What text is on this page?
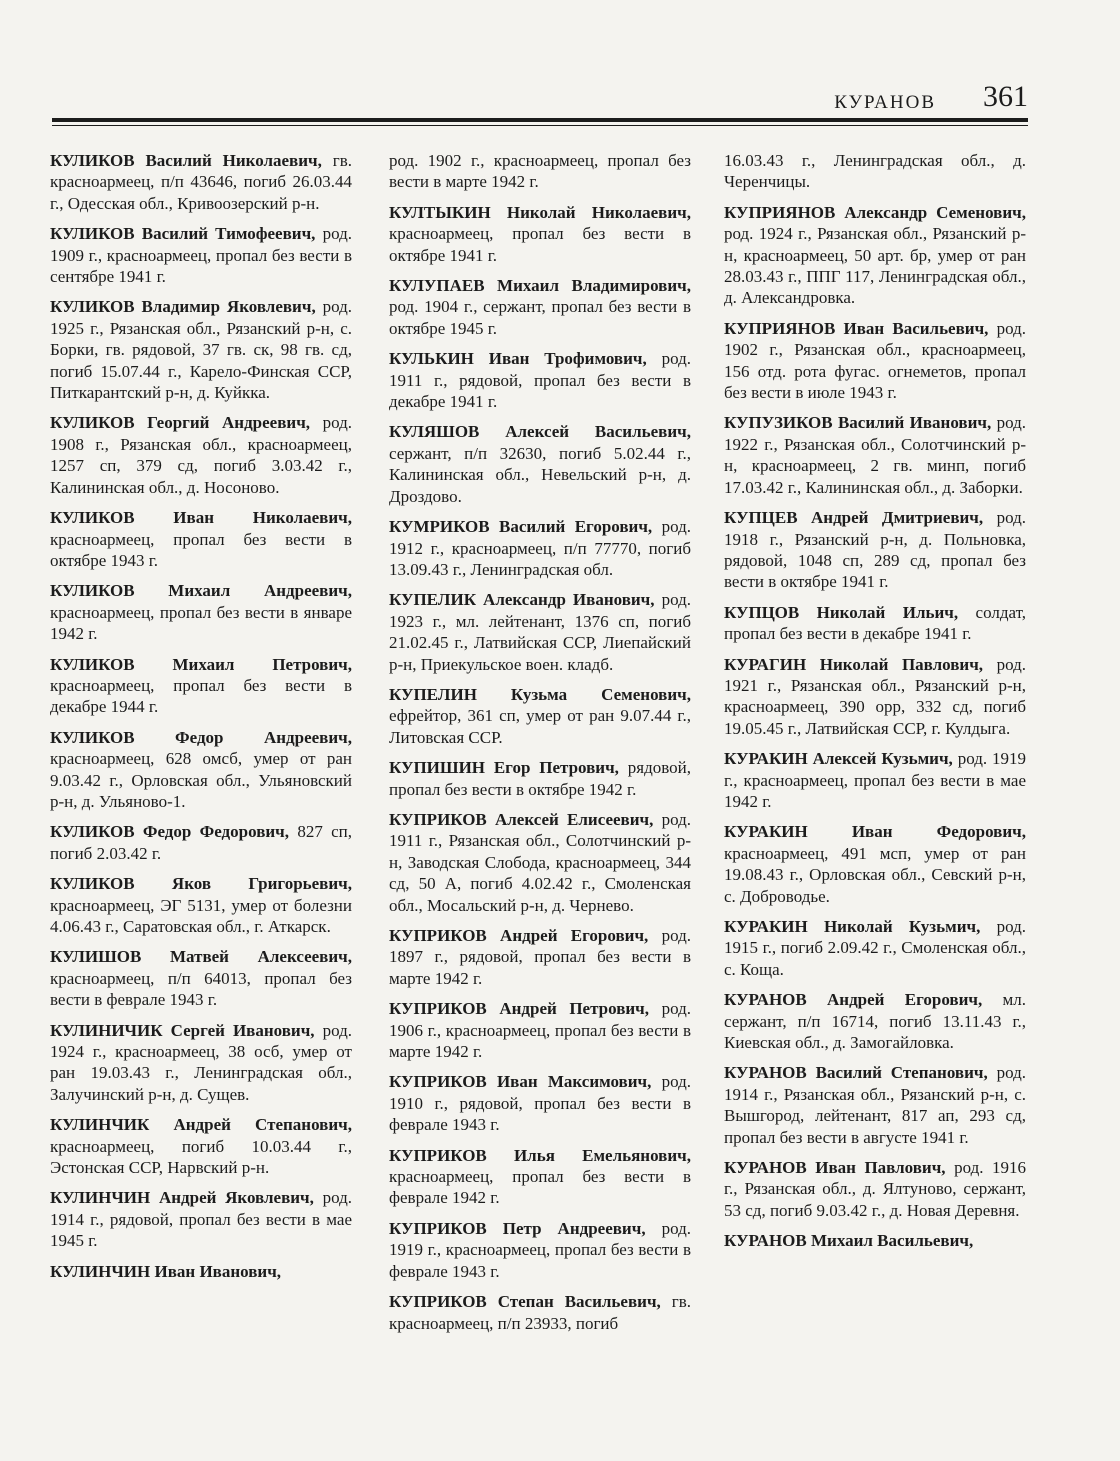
КУРАНОВ 361

КУЛИКОВ Василий Николаевич, гв. красноармеец, п/п 43646, погиб 26.03.44 г., Одесская обл., Кривоозерский р-н.

КУЛИКОВ Василий Тимофеевич, род. 1909 г., красноармеец, пропал без вести в сентябре 1941 г.

КУЛИКОВ Владимир Яковлевич, род. 1925 г., Рязанская обл., Рязанский р-н, с. Борки, гв. рядовой, 37 гв. ск, 98 гв. сд, погиб 15.07.44 г., Карело-Финская ССР, Питкарантский р-н, д. Куйкка.

КУЛИКОВ Георгий Андреевич, род. 1908 г., Рязанская обл., красноармеец, 1257 сп, 379 сд, погиб 3.03.42 г., Калининская обл., д. Носоново.

КУЛИКОВ Иван Николаевич, красноармеец, пропал без вести в октябре 1943 г.

КУЛИКОВ Михаил Андреевич, красноармеец, пропал без вести в январе 1942 г.

КУЛИКОВ Михаил Петрович, красноармеец, пропал без вести в декабре 1944 г.

КУЛИКОВ Федор Андреевич, красноармеец, 628 омсб, умер от ран 9.03.42 г., Орловская обл., Ульяновский р-н, д. Ульяново-1.

КУЛИКОВ Федор Федорович, 827 сп, погиб 2.03.42 г.

КУЛИКОВ Яков Григорьевич, красноармеец, ЭГ 5131, умер от болезни 4.06.43 г., Саратовская обл., г. Аткарск.

КУЛИШОВ Матвей Алексеевич, красноармеец, п/п 64013, пропал без вести в феврале 1943 г.

КУЛИНИЧИК Сергей Иванович, род. 1924 г., красноармеец, 38 осб, умер от ран 19.03.43 г., Ленинградская обл., Залучинский р-н, д. Сущев.

КУЛИНЧИК Андрей Степанович, красноармеец, погиб 10.03.44 г., Эстонская ССР, Нарвский р-н.

КУЛИНЧИН Андрей Яковлевич, род. 1914 г., рядовой, пропал без вести в мае 1945 г.

КУЛИНЧИН Иван Иванович,

род. 1902 г., красноармеец, пропал без вести в марте 1942 г.

КУЛТЫКИН Николай Николаевич, красноармеец, пропал без вести в октябре 1941 г.

КУЛУПАЕВ Михаил Владимирович, род. 1904 г., сержант, пропал без вести в октябре 1945 г.

КУЛЬКИН Иван Трофимович, род. 1911 г., рядовой, пропал без вести в декабре 1941 г.

КУЛЯШОВ Алексей Васильевич, сержант, п/п 32630, погиб 5.02.44 г., Калининская обл., Невельский р-н, д. Дроздово.

КУМРИКОВ Василий Егорович, род. 1912 г., красноармеец, п/п 77770, погиб 13.09.43 г., Ленинградская обл.

КУПЕЛИК Александр Иванович, род. 1923 г., мл. лейтенант, 1376 сп, погиб 21.02.45 г., Латвийская ССР, Лиепайский р-н, Приекульское воен. кладб.

КУПЕЛИН Кузьма Семенович, ефрейтор, 361 сп, умер от ран 9.07.44 г., Литовская ССР.

КУПИШИН Егор Петрович, рядовой, пропал без вести в октябре 1942 г.

КУПРИКОВ Алексей Елисеевич, род. 1911 г., Рязанская обл., Солотчинский р-н, Заводская Слобода, красноармеец, 344 сд, 50 А, погиб 4.02.42 г., Смоленская обл., Мосальский р-н, д. Чернево.

КУПРИКОВ Андрей Егорович, род. 1897 г., рядовой, пропал без вести в марте 1942 г.

КУПРИКОВ Андрей Петрович, род. 1906 г., красноармеец, пропал без вести в марте 1942 г.

КУПРИКОВ Иван Максимович, род. 1910 г., рядовой, пропал без вести в феврале 1943 г.

КУПРИКОВ Илья Емельянович, красноармеец, пропал без вести в феврале 1942 г.

КУПРИКОВ Петр Андреевич, род. 1919 г., красноармеец, пропал без вести в феврале 1943 г.

КУПРИКОВ Степан Васильевич, гв. красноармеец, п/п 23933, погиб

16.03.43 г., Ленинградская обл., д. Черенчицы.

КУПРИЯНОВ Александр Семенович, род. 1924 г., Рязанская обл., Рязанский р-н, красноармеец, 50 арт. бр, умер от ран 28.03.43 г., ППГ 117, Ленинградская обл., д. Александровка.

КУПРИЯНОВ Иван Васильевич, род. 1902 г., Рязанская обл., красноармеец, 156 отд. рота фугас. огнеметов, пропал без вести в июле 1943 г.

КУПУЗИКОВ Василий Иванович, род. 1922 г., Рязанская обл., Солотчинский р-н, красноармеец, 2 гв. минп, погиб 17.03.42 г., Калининская обл., д. Заборки.

КУПЦЕВ Андрей Дмитриевич, род. 1918 г., Рязанский р-н, д. Польновка, рядовой, 1048 сп, 289 сд, пропал без вести в октябре 1941 г.

КУПЦОВ Николай Ильич, солдат, пропал без вести в декабре 1941 г.

КУРАГИН Николай Павлович, род. 1921 г., Рязанская обл., Рязанский р-н, красноармеец, 390 орр, 332 сд, погиб 19.05.45 г., Латвийская ССР, г. Кулдыга.

КУРАКИН Алексей Кузьмич, род. 1919 г., красноармеец, пропал без вести в мае 1942 г.

КУРАКИН Иван Федорович, красноармеец, 491 мсп, умер от ран 19.08.43 г., Орловская обл., Севский р-н, с. Доброводье.

КУРАКИН Николай Кузьмич, род. 1915 г., погиб 2.09.42 г., Смоленская обл., с. Коща.

КУРАНОВ Андрей Егорович, мл. сержант, п/п 16714, погиб 13.11.43 г., Киевская обл., д. Замогайловка.

КУРАНОВ Василий Степанович, род. 1914 г., Рязанская обл., Рязанский р-н, с. Вышгород, лейтенант, 817 ап, 293 сд, пропал без вести в августе 1941 г.

КУРАНОВ Иван Павлович, род. 1916 г., Рязанская обл., д. Ялтуново, сержант, 53 сд, погиб 9.03.42 г., д. Новая Деревня.

КУРАНОВ Михаил Васильевич,
